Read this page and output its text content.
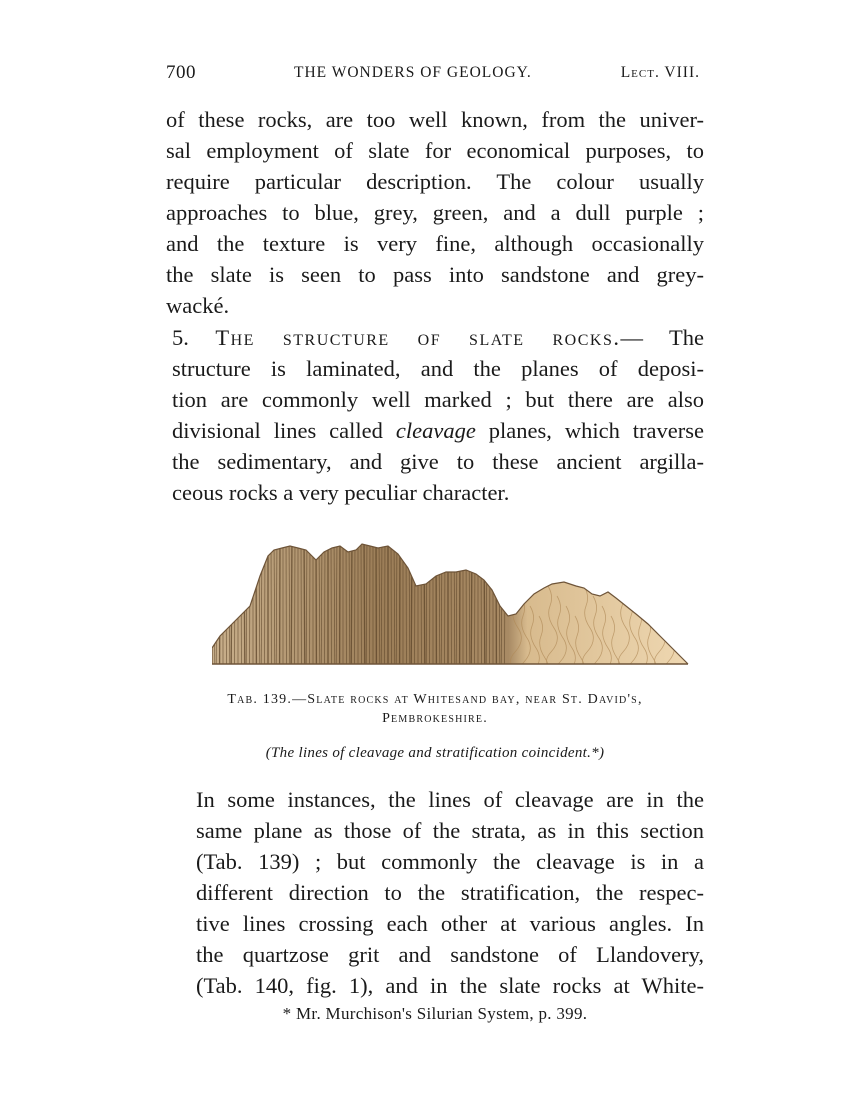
700	THE WONDERS OF GEOLOGY.	Lect. VIII.
of these rocks, are too well known, from the univer-
sal employment of slate for economical purposes, to
require particular description. The colour usually
approaches to blue, grey, green, and a dull purple ;
and the texture is very fine, although occasionally
the slate is seen to pass into sandstone and grey-
wacké.
5. The structure of slate rocks.— The
structure is laminated, and the planes of deposi-
tion are commonly well marked ; but there are also
divisional lines called cleavage planes, which traverse
the sedimentary, and give to these ancient argilla-
ceous rocks a very peculiar character.
Tab. 139.—Slate rocks at Whitesand bay, near St. David's,
Pembrokeshire.
(The lines of cleavage and stratification coincident.*)
In some instances, the lines of cleavage are in the
same plane as those of the strata, as in this section
(Tab. 139) ; but commonly the cleavage is in a
different direction to the stratification, the respec-
tive lines crossing each other at various angles. In
the quartzose grit and sandstone of Llandovery,
(Tab. 140, fig. 1), and in the slate rocks at White-
* Mr. Murchison's Silurian System, p. 399.
